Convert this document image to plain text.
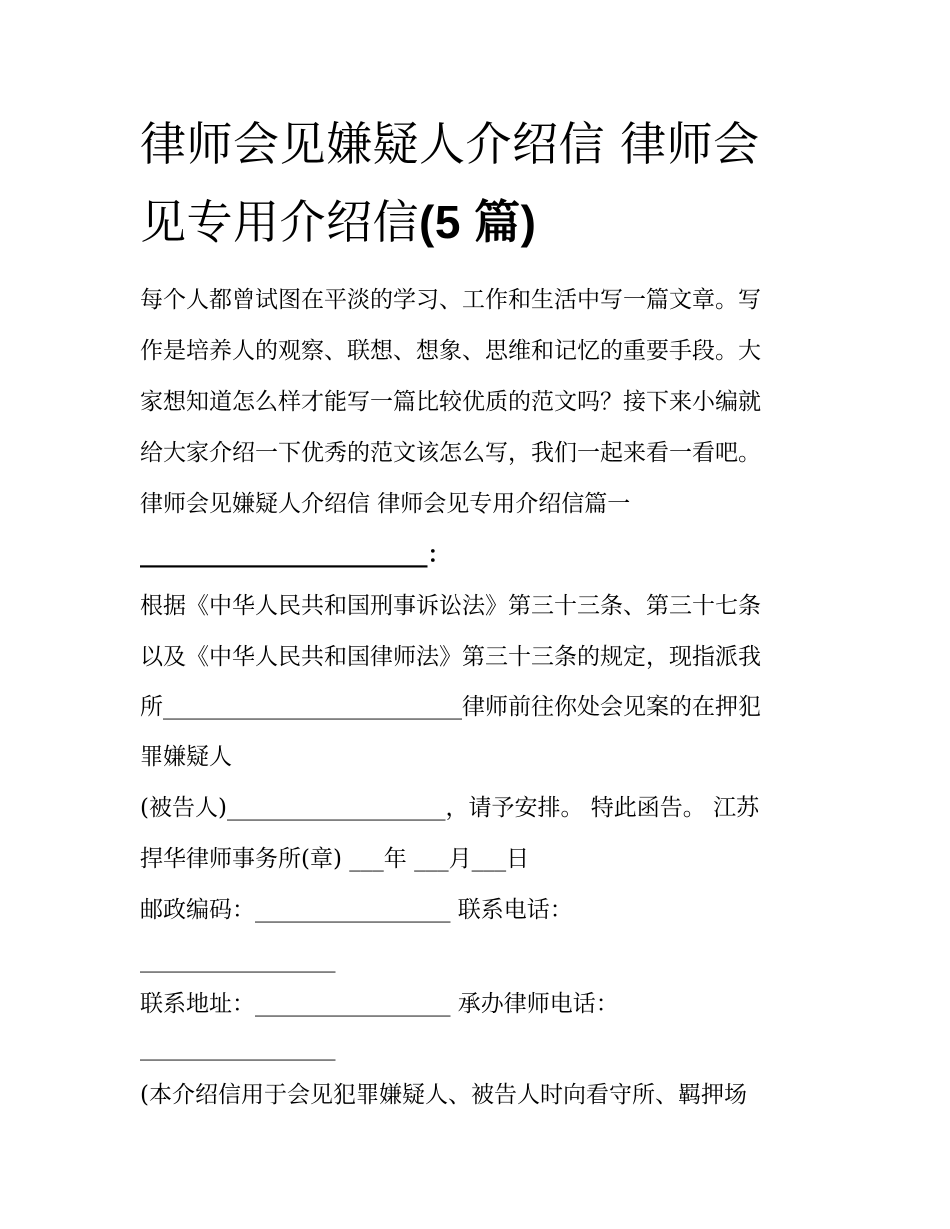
律师会见嫌疑人介绍信 律师会
见专用介绍信(5 篇)
每个人都曾试图在平淡的学习、工作和生活中写一篇文章。写
作是培养人的观察、联想、想象、思维和记忆的重要手段。大
家想知道怎么样才能写一篇比较优质的范文吗？接下来小编就
给大家介绍一下优秀的范文该怎么写，我们一起来看一看吧。
律师会见嫌疑人介绍信 律师会见专用介绍信篇一
_________________________：
根据《中华人民共和国刑事诉讼法》第三十三条、第三十七条
以及《中华人民共和国律师法》第三十三条的规定，现指派我
所__________________________律师前往你处会见案的在押犯
罪嫌疑人
(被告人)___________________，请予安排。 特此函告。 江苏
捍华律师事务所(章) ___年 ___月___日
邮政编码：_________________ 联系电话：
_________________
联系地址：_________________ 承办律师电话：
_________________
(本介绍信用于会见犯罪嫌疑人、被告人时向看守所、羁押场
